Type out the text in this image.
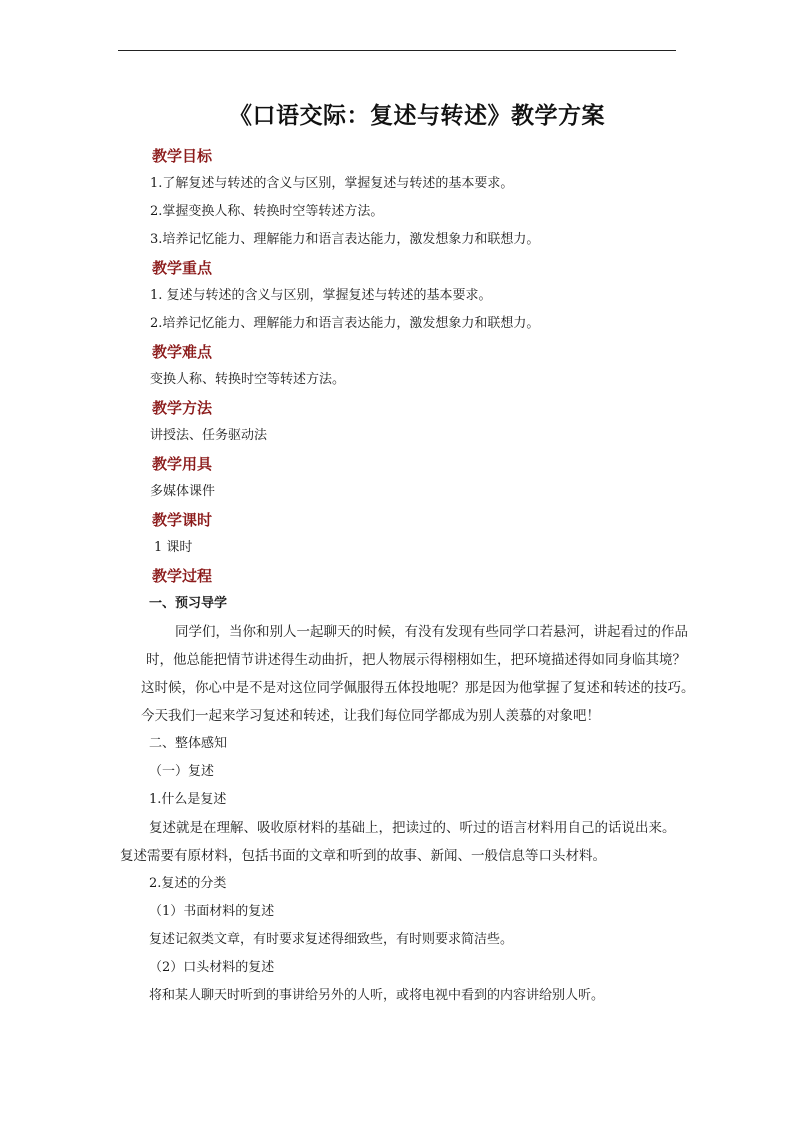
《口语交际：复述与转述》教学方案
教学目标
1.了解复述与转述的含义与区别，掌握复述与转述的基本要求。
2.掌握变换人称、转换时空等转述方法。
3.培养记忆能力、理解能力和语言表达能力，激发想象力和联想力。
教学重点
1. 复述与转述的含义与区别，掌握复述与转述的基本要求。
2.培养记忆能力、理解能力和语言表达能力，激发想象力和联想力。
教学难点
变换人称、转换时空等转述方法。
教学方法
讲授法、任务驱动法
教学用具
多媒体课件
教学课时
1 课时
教学过程
一、预习导学
同学们，当你和别人一起聊天的时候，有没有发现有些同学口若悬河，讲起看过的作品
时，他总能把情节讲述得生动曲折，把人物展示得栩栩如生，把环境描述得如同身临其境？
这时候，你心中是不是对这位同学佩服得五体投地呢？那是因为他掌握了复述和转述的技巧。
今天我们一起来学习复述和转述，让我们每位同学都成为别人羡慕的对象吧！
二、整体感知
（一）复述
1.什么是复述
复述就是在理解、吸收原材料的基础上，把读过的、听过的语言材料用自己的话说出来。
复述需要有原材料，包括书面的文章和听到的故事、新闻、一般信息等口头材料。
2.复述的分类
（1）书面材料的复述
复述记叙类文章，有时要求复述得细致些，有时则要求简洁些。
（2）口头材料的复述
将和某人聊天时听到的事讲给另外的人听，或将电视中看到的内容讲给别人听。
